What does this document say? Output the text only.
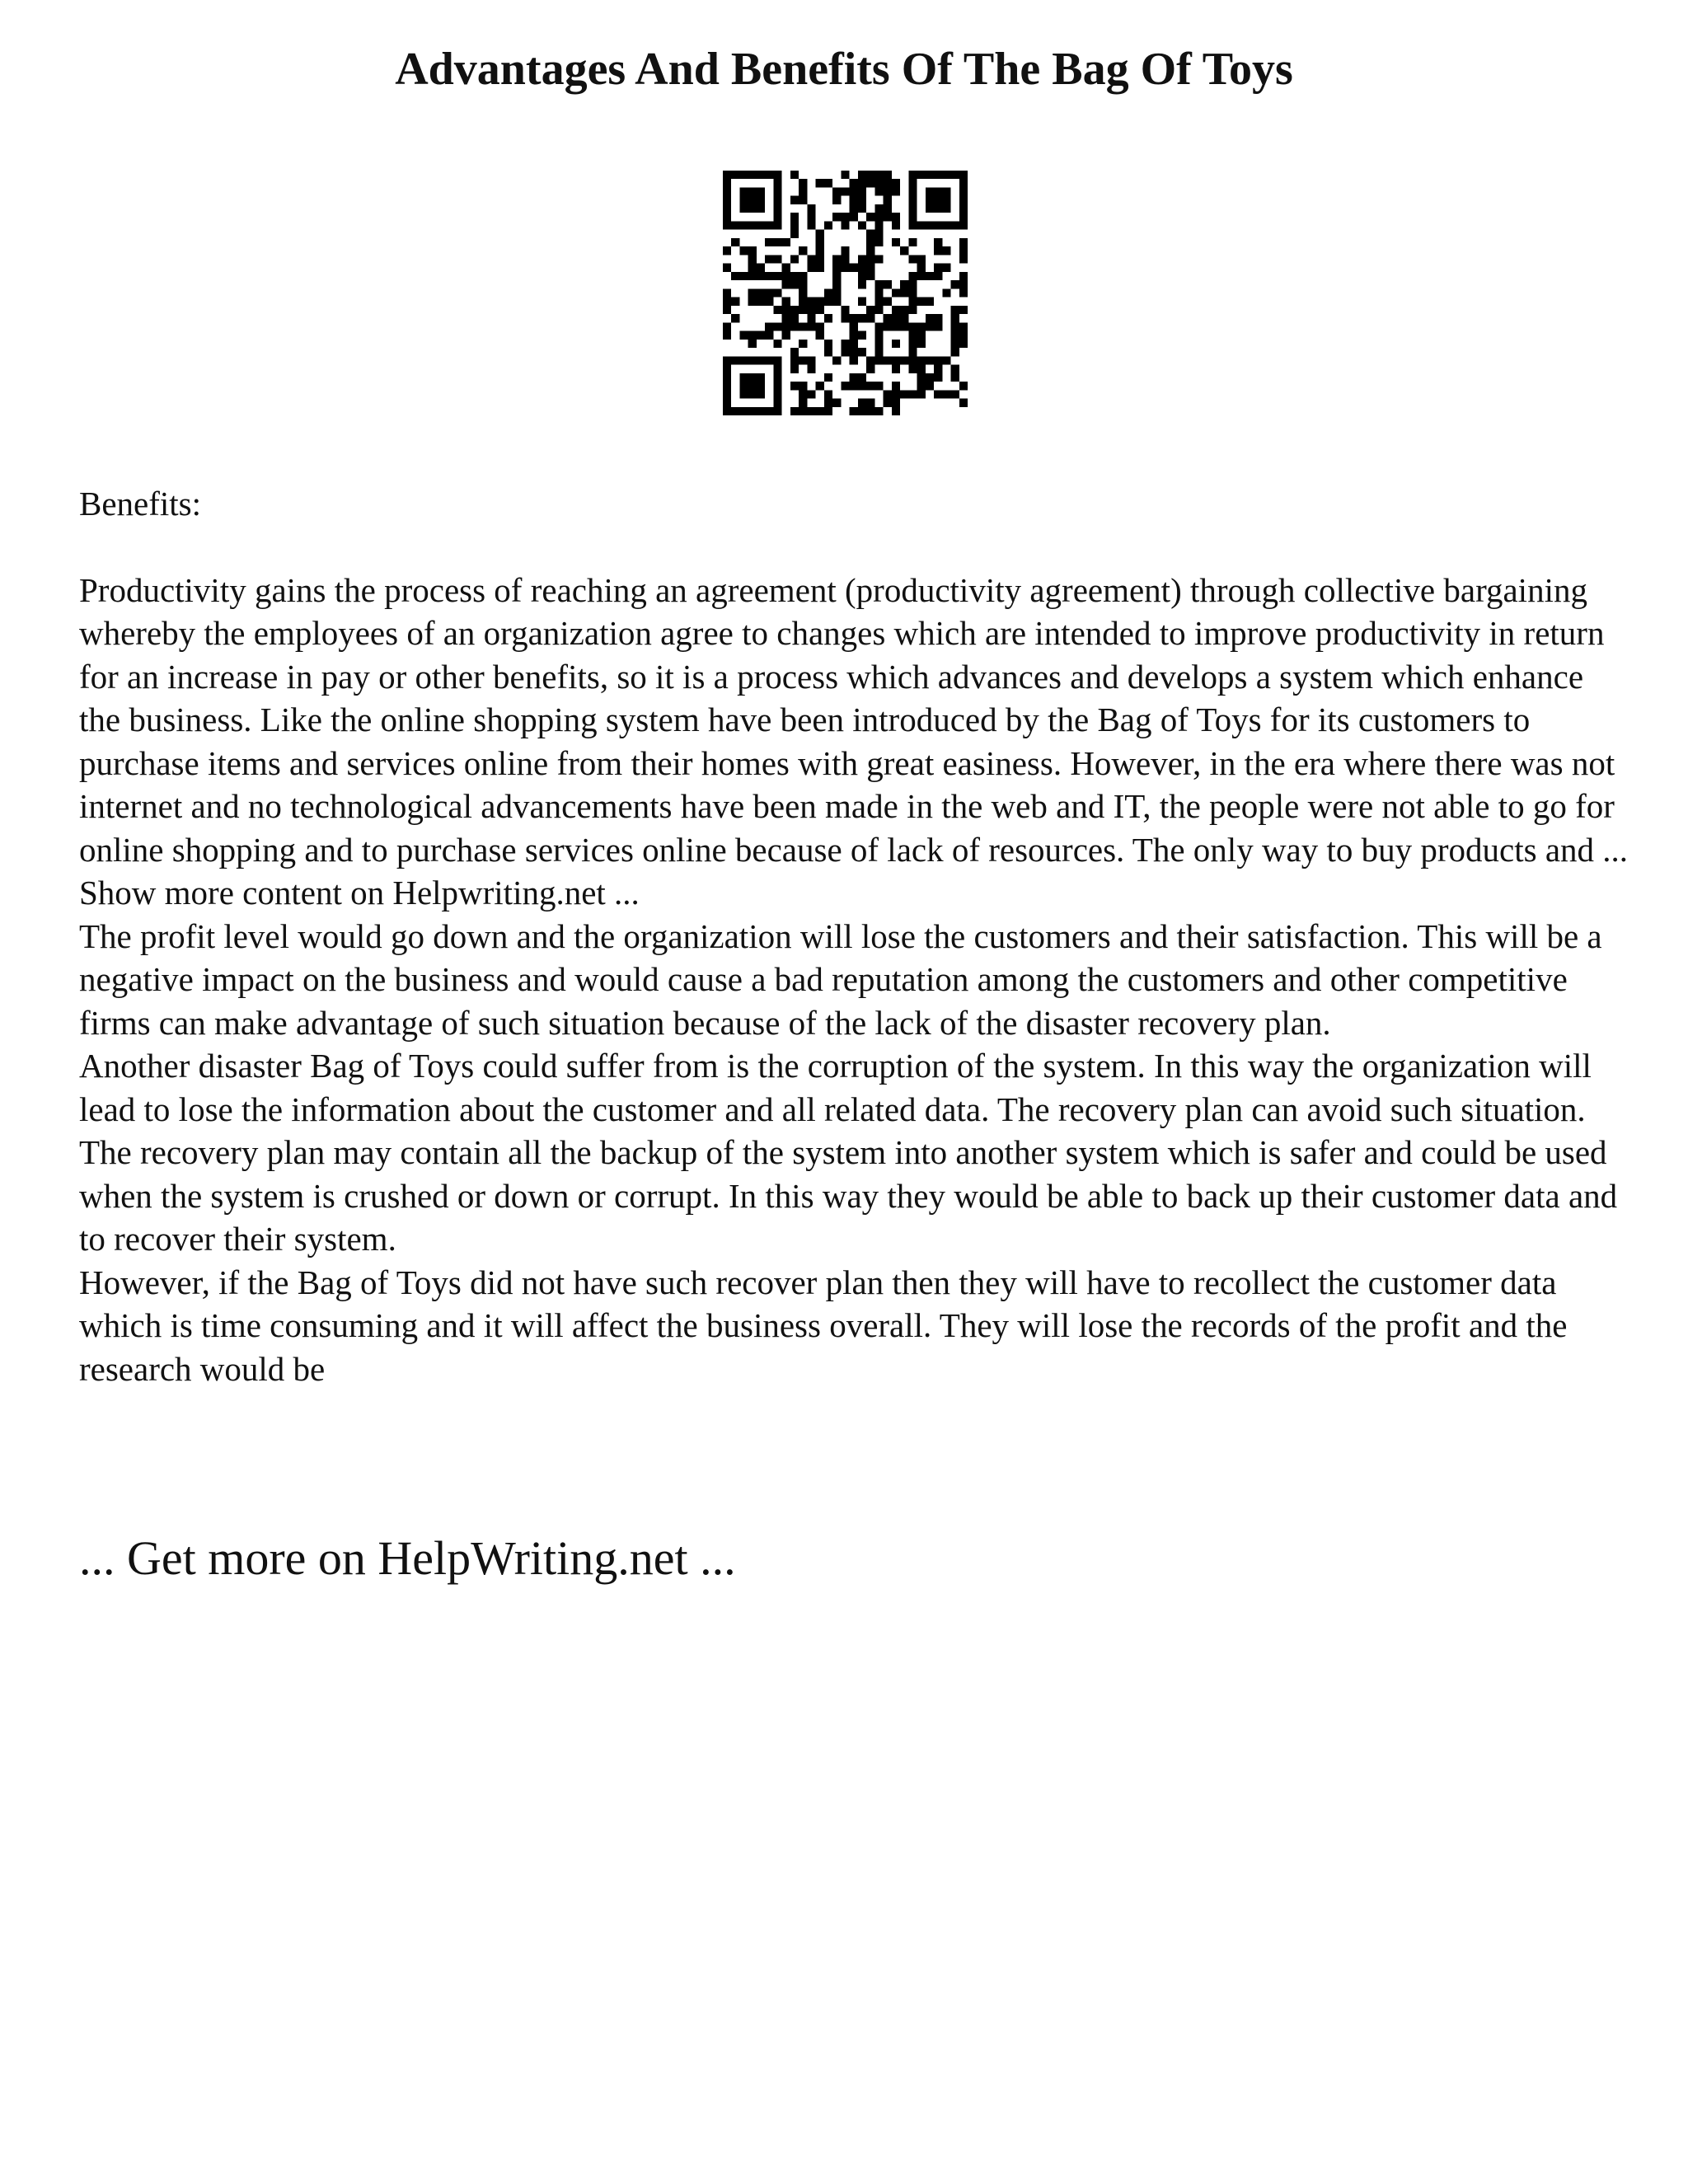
Advantages And Benefits Of The Bag Of Toys

Benefits:

Productivity gains the process of reaching an agreement (productivity agreement) through collective bargaining whereby the employees of an organization agree to changes which are intended to improve productivity in return for an increase in pay or other benefits, so it is a process which advances and develops a system which enhance the business. Like the online shopping system have been introduced by the Bag of Toys for its customers to purchase items and services online from their homes with great easiness. However, in the era where there was not internet and no technological advancements have been made in the web and IT, the people were not able to go for online shopping and to purchase services online because of lack of resources. The only way to buy products and ... Show more content on Helpwriting.net ...

The profit level would go down and the organization will lose the customers and their satisfaction. This will be a negative impact on the business and would cause a bad reputation among the customers and other competitive firms can make advantage of such situation because of the lack of the disaster recovery plan.

Another disaster Bag of Toys could suffer from is the corruption of the system. In this way the organization will lead to lose the information about the customer and all related data. The recovery plan can avoid such situation. The recovery plan may contain all the backup of the system into another system which is safer and could be used when the system is crushed or down or corrupt. In this way they would be able to back up their customer data and to recover their system.

However, if the Bag of Toys did not have such recover plan then they will have to recollect the customer data which is time consuming and it will affect the business overall. They will lose the records of the profit and the research would be

... Get more on HelpWriting.net ...
